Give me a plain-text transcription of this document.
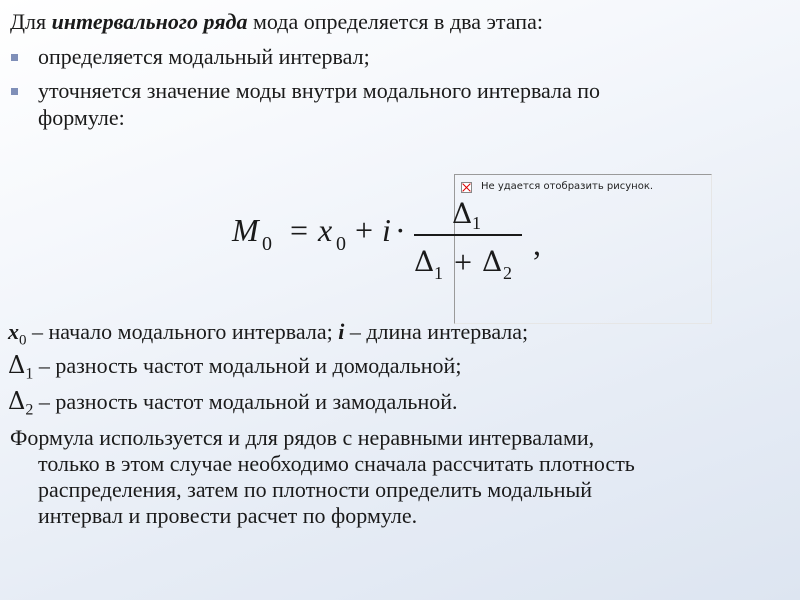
Для интервального ряда мода определяется в два этапа:
определяется модальный интервал;
уточняется значение моды внутри модального интервала по
формуле:
Не удается отобразить рисунок.
M 0 = x 0 + i · Δ 1
Δ 1 + Δ 2
,
$x_0$ – начало модального интервала; i – длина интервала;
$\Delta_1$ – разность частот модальной и домодальной;
$\Delta_2$ – разность частот модальной и замодальной.
Формула используется и для рядов с неравными интервалами,
только в этом случае необходимо сначала рассчитать плотность
распределения, затем по плотности определить модальный
интервал и провести расчет по формуле.
